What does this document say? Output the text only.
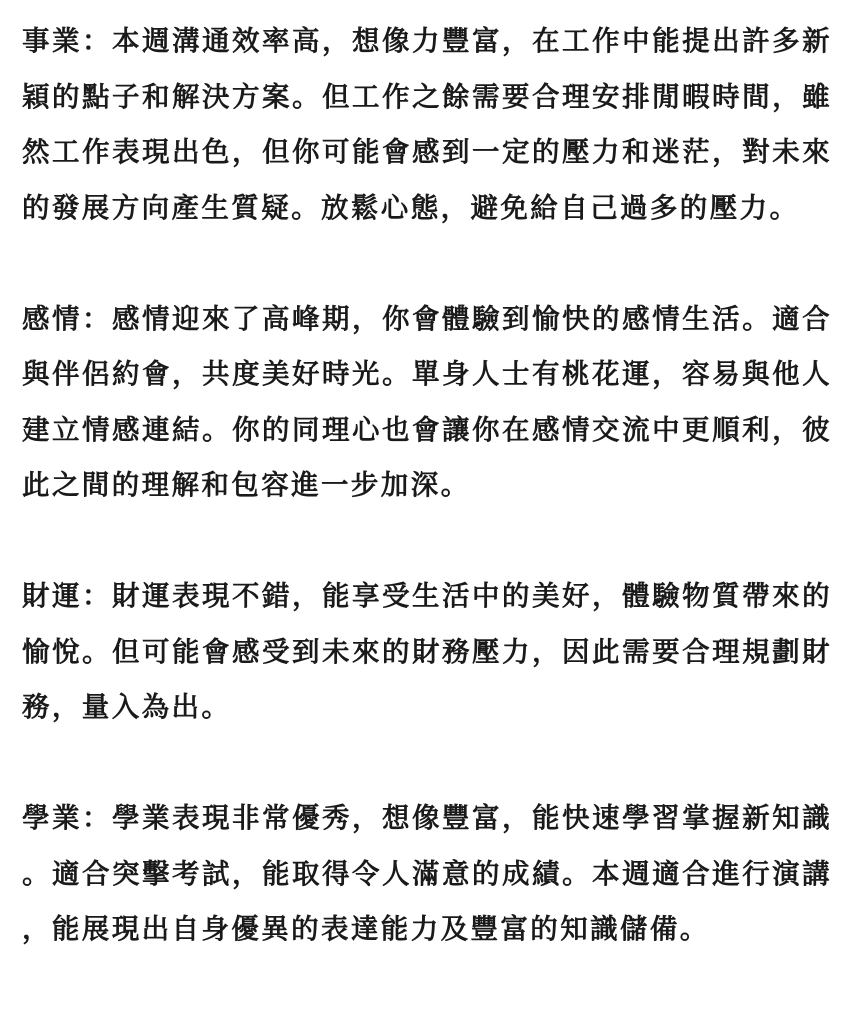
事業：本週溝通效率高，想像力豐富，在工作中能提出許多新穎的點子和解決方案。但工作之餘需要合理安排閒暇時間，雖然工作表現出色，但你可能會感到一定的壓力和迷茫，對未來的發展方向產生質疑。放鬆心態，避免給自己過多的壓力。

感情：感情迎來了高峰期，你會體驗到愉快的感情生活。適合與伴侶約會，共度美好時光。單身人士有桃花運，容易與他人建立情感連結。你的同理心也會讓你在感情交流中更順利，彼此之間的理解和包容進一步加深。

財運：財運表現不錯，能享受生活中的美好，體驗物質帶來的愉悅。但可能會感受到未來的財務壓力，因此需要合理規劃財務，量入為出。

學業：學業表現非常優秀，想像豐富，能快速學習掌握新知識。適合突擊考試，能取得令人滿意的成績。本週適合進行演講，能展現出自身優異的表達能力及豐富的知識儲備。
